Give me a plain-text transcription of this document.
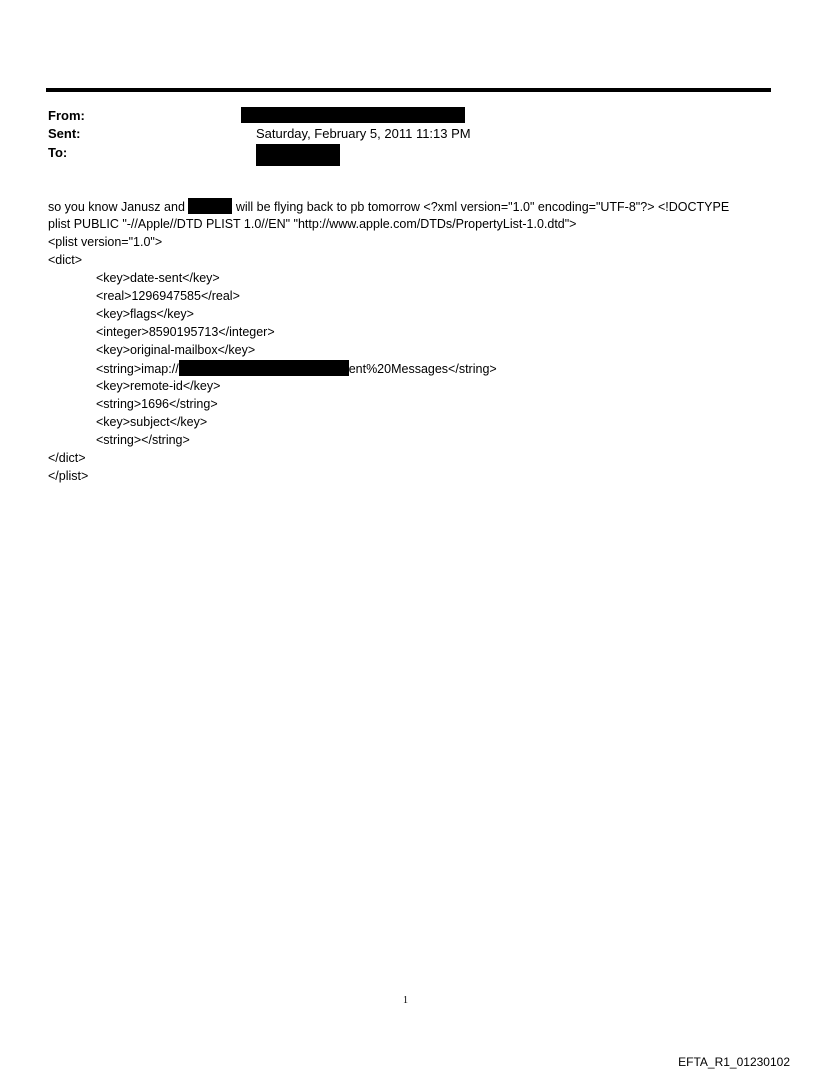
From:
Sent:	Saturday, February 5, 2011 11:13 PM
To:
so you know Janusz and	will be flying back to pb tomorrow <?xml version="1.0" encoding="UTF-8"?> <!DOCTYPE
plist PUBLIC "-//Apple//DTD PLIST 1.0//EN" "http://www.apple.com/DTDs/PropertyList-1.0.dtd">
<plist version="1.0">
<dict>
<key>date-sent</key>
<real>1296947585</real>
<key>flags</key>
<integer>8590195713</integer>
<key>original-mailbox</key>
<string>imap://	ent%20Messages</string>
<key>remote-id</key>
<string>1696</string>
<key>subject</key>
<string></string>
</dict>
</plist>
1
EFTA_R1_01230102
